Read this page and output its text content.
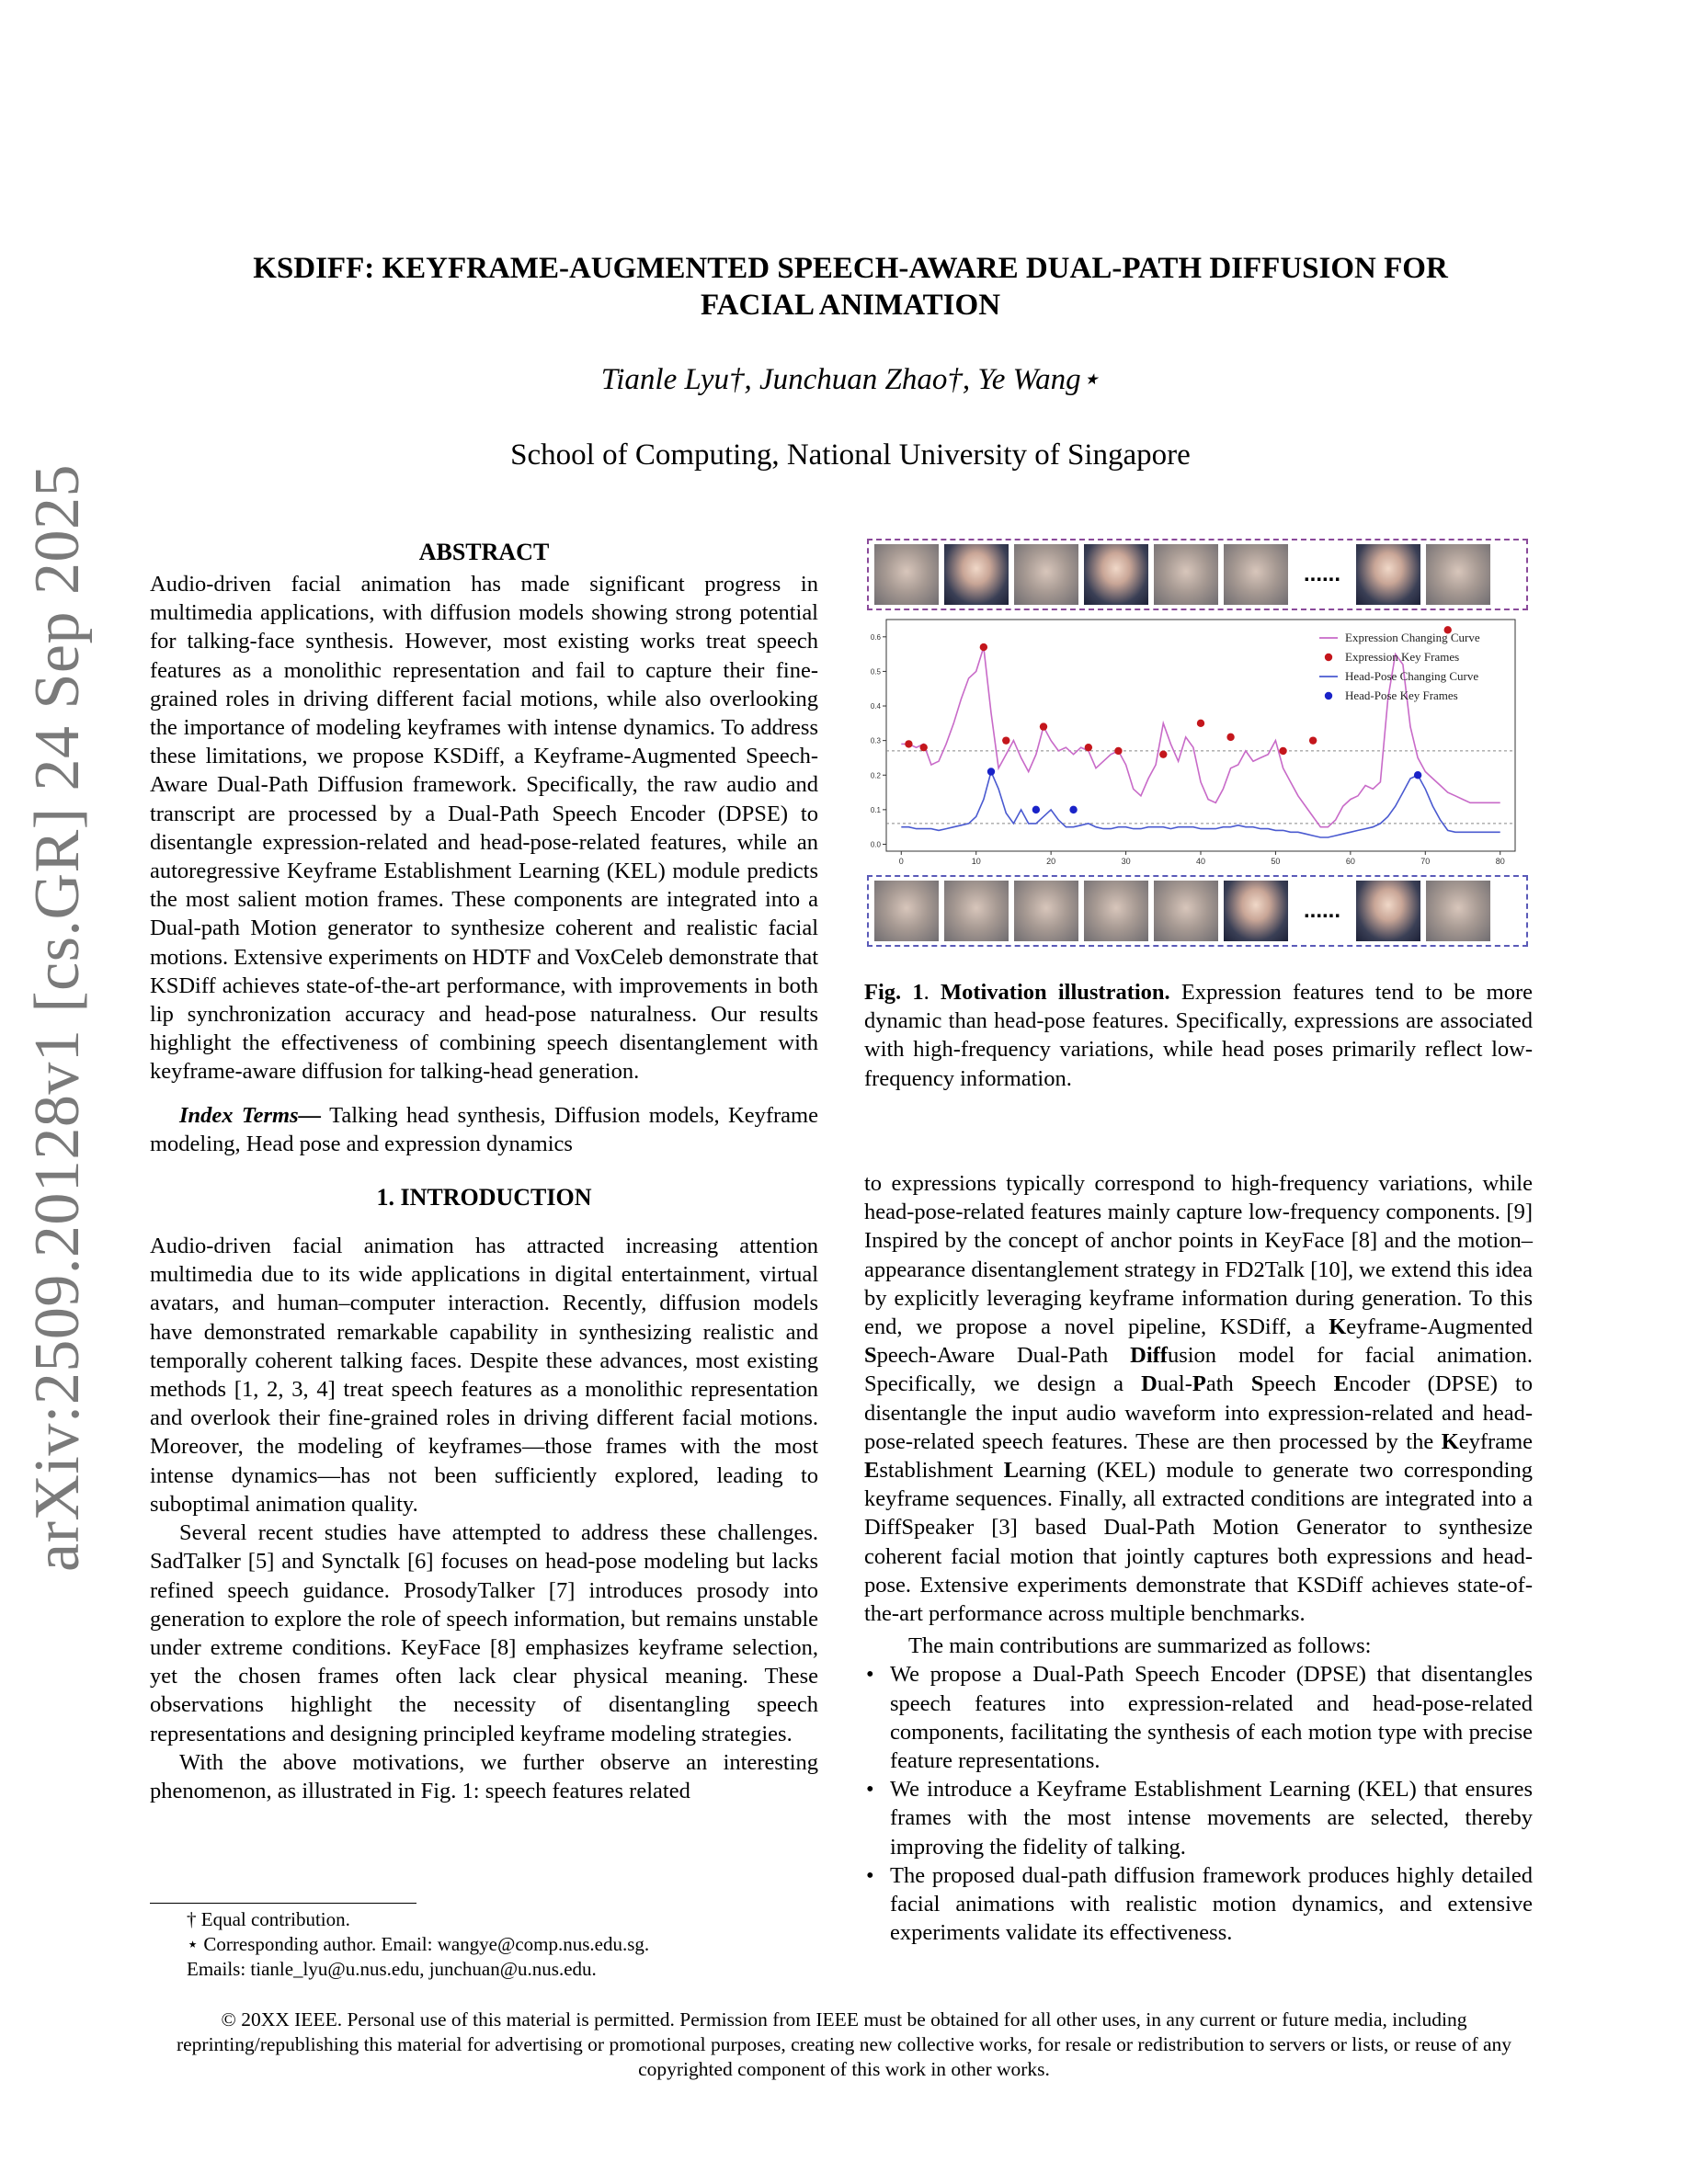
arXiv:2509.20128v1 [cs.GR] 24 Sep 2025
KSDIFF: KEYFRAME-AUGMENTED SPEECH-AWARE DUAL-PATH DIFFUSION FOR
FACIAL ANIMATION
Tianle Lyu†, Junchuan Zhao†, Ye Wang⋆
School of Computing, National University of Singapore
ABSTRACT

Audio-driven facial animation has made significant progress in multimedia applications, with diffusion models showing strong potential for talking-face synthesis. However, most existing works treat speech features as a monolithic representation and fail to capture their fine-grained roles in driving different facial motions, while also overlooking the importance of modeling keyframes with intense dynamics. To address these limitations, we propose KSDiff, a Keyframe-Augmented Speech-Aware Dual-Path Diffusion framework. Specifically, the raw audio and transcript are processed by a Dual-Path Speech Encoder (DPSE) to disentangle expression-related and head-pose-related features, while an autoregressive Keyframe Establishment Learning (KEL) module predicts the most salient motion frames. These components are integrated into a Dual-path Motion generator to synthesize coherent and realistic facial motions. Extensive experiments on HDTF and VoxCeleb demonstrate that KSDiff achieves state-of-the-art performance, with improvements in both lip synchronization accuracy and head-pose naturalness. Our results highlight the effectiveness of combining speech disentanglement with keyframe-aware diffusion for talking-head generation.

Index Terms— Talking head synthesis, Diffusion models, Keyframe modeling, Head pose and expression dynamics

1. INTRODUCTION

Audio-driven facial animation has attracted increasing attention multimedia due to its wide applications in digital entertainment, virtual avatars, and human–computer interaction. Recently, diffusion models have demonstrated remarkable capability in synthesizing realistic and temporally coherent talking faces. Despite these advances, most existing methods [1, 2, 3, 4] treat speech features as a monolithic representation and overlook their fine-grained roles in driving different facial motions. Moreover, the modeling of keyframes—those frames with the most intense dynamics—has not been sufficiently explored, leading to suboptimal animation quality.

Several recent studies have attempted to address these challenges. SadTalker [5] and Synctalk [6] focuses on head-pose modeling but lacks refined speech guidance. ProsodyTalker [7] introduces prosody into generation to explore the role of speech information, but remains unstable under extreme conditions. KeyFace [8] emphasizes keyframe selection, yet the chosen frames often lack clear physical meaning. These observations highlight the necessity of disentangling speech representations and designing principled keyframe modeling strategies.

With the above motivations, we further observe an interesting phenomenon, as illustrated in Fig. 1: speech features related

......
0	10	20	30	40	50	60	70	80
0.0
0.1
0.2
0.3
0.4
0.5
0.6	Expression Changing Curve
Expression Key Frames
Head-Pose Changing Curve
Head-Pose Key Frames
......
Fig. 1. Motivation illustration. Expression features tend to be more dynamic than head-pose features. Specifically, expressions are associated with high-frequency variations, while head poses primarily reflect low-frequency information.

to expressions typically correspond to high-frequency variations, while head-pose-related features mainly capture low-frequency components. [9] Inspired by the concept of anchor points in KeyFace [8] and the motion–appearance disentanglement strategy in FD2Talk [10], we extend this idea by explicitly leveraging keyframe information during generation. To this end, we propose a novel pipeline, KSDiff, a Keyframe-Augmented Speech-Aware Dual-Path Diffusion model for facial animation. Specifically, we design a Dual-Path Speech Encoder (DPSE) to disentangle the input audio waveform into expression-related and head-pose-related speech features. These are then processed by the Keyframe Establishment Learning (KEL) module to generate two corresponding keyframe sequences. Finally, all extracted conditions are integrated into a DiffSpeaker [3] based Dual-Path Motion Generator to synthesize coherent facial motion that jointly captures both expressions and head-pose. Extensive experiments demonstrate that KSDiff achieves state-of-the-art performance across multiple benchmarks.

The main contributions are summarized as follows:

• We propose a Dual-Path Speech Encoder (DPSE) that disentangles speech features into expression-related and head-pose-related components, facilitating the synthesis of each motion type with precise feature representations.
• We introduce a Keyframe Establishment Learning (KEL) that ensures frames with the most intense movements are selected, thereby improving the fidelity of talking.
• The proposed dual-path diffusion framework produces highly detailed facial animations with realistic motion dynamics, and extensive experiments validate its effectiveness.

† Equal contribution.

⋆ Corresponding author. Email: wangye@comp.nus.edu.sg.

Emails: tianle_lyu@u.nus.edu, junchuan@u.nus.edu.

© 20XX IEEE. Personal use of this material is permitted. Permission from IEEE must be obtained for all other uses, in any current or future media, including reprinting/republishing this material for advertising or promotional purposes, creating new collective works, for resale or redistribution to servers or lists, or reuse of any copyrighted component of this work in other works.
